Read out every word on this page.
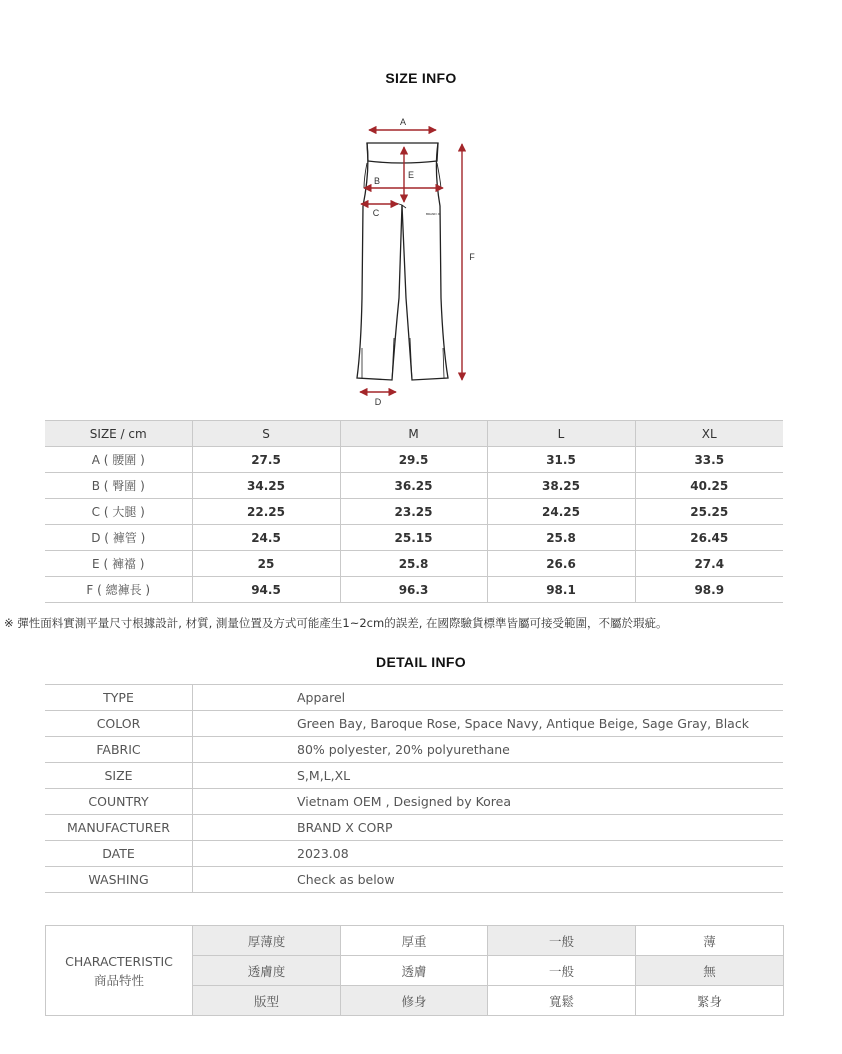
SIZE INFO
BRAND X
A
B
C
E
F
D
SIZE / cm	S	M	L	XL
A ( 腰圍 )	27.5	29.5	31.5	33.5
B ( 臀圍 )	34.25	36.25	38.25	40.25
C ( 大腿 )	22.25	23.25	24.25	25.25
D ( 褲管 )	24.5	25.15	25.8	26.45
E ( 褲襠 )	25	25.8	26.6	27.4
F ( 總褲長 )	94.5	96.3	98.1	98.9
※ 彈性面料實測平量尺寸根據設計, 材質, 測量位置及方式可能產生1~2cm的誤差, 在國際驗貨標準皆屬可接受範圍，不屬於瑕疵。
DETAIL INFO
TYPE	Apparel
COLOR	Green Bay, Baroque Rose, Space Navy, Antique Beige, Sage Gray, Black
FABRIC	80% polyester, 20% polyurethane
SIZE	S,M,L,XL
COUNTRY	Vietnam OEM , Designed by Korea
MANUFACTURER	BRAND X CORP
DATE	2023.08
WASHING	Check as below
CHARACTERISTIC
商品特性	厚薄度	厚重	一般	薄
	透膚度	透膚	一般	無
	版型	修身	寬鬆	緊身
